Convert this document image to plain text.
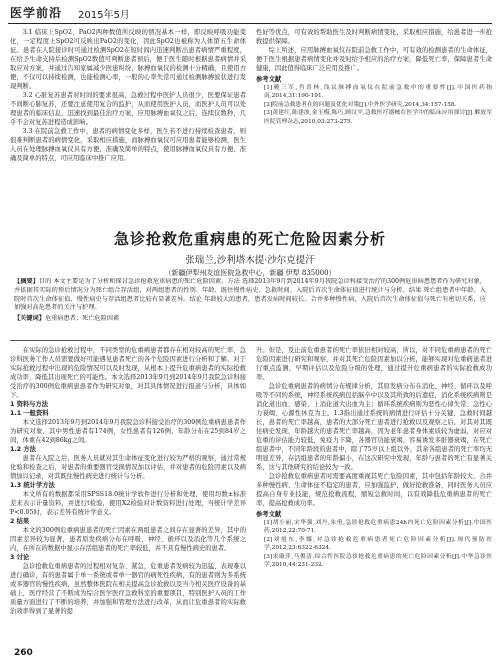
医学前沿 2015年5月

3.1 临床上SpO2、PaO2两种数值所反映的情况基本一样，即反映呼吸功能变化，一定程度上SpO2可反映出PaO2的变化，因此SpO2也被称为人体第五生命体征。患者在人院接诊时可通过检测SpO2在短时间内迅速判断出患者病情严重程度，在给予生命支持后检测SpO2数值可判断患者预后，便于医生随时根据患者病情并采取应对方案，并通过告知家属减少医患纠纷，脉搏血氧仪的检测十分精确，且使用方便，不仅可以持续检测，也能检测心率，一般的心率失常可通过检测脉搏波状进行发现判断。

3.2 心脏复苏患者对时间的要求很高，急救过程中医护人员很少，医要保证患者不间断心肺复苏，还要注意使用复合的监护，从而使用医护人员，而医护人员可以处理患者的临床信息，迅速找到最佳治疗方案，应用脉搏血氧仪之后，连续仪数秒，几乎不会对复苏进程造成影响。

3.3 在院前急救工作中，患者的病情变化多样，医生若不进行持续检查患者，则很难判断患者的病情变化，采取相应措施，而脉搏血氧仪可应用患者能够检测，医生人员在处理脉搏血氧仪具有方便、准确及简单的特点，使用脉搏血氧仪具有方便、准确及简单的特点，可应用临床中推广应用。

性好等优点，可有效的帮助医生及时判断病情变化，采取相应措施，给患者进一步抢救提供保障。

综上所述，应用脉搏血氧仪在院前急救工作中，可有效的检测患者的生命体征，便于医生根据患者病情变化并及时给予相应的治疗方案，降低死亡率，保障患者生命健康，因此值得临床广泛应用及推广。

参考文献
[1]赖三军,肖喜林,浅议脉搏血氧仪在院前急救中的重要性[J].中国医药指南,2014,31:190-191.
[2]院前急救患者在的问题及优化对策[J].中外医学研究,2014,34:157-158.
[3]黄建红,陈建波,金玉梅,陈巧,顾汉平,急救医疗器械在医学中的临床应用探讨[J].解放军医院管理杂志,2010,03:273-275.
急诊抢救危重病患的死亡危险因素分析
张瑞兰,沙利塔木提·沙尔克提汗
（新疆伊犁州友谊医院急救中心，新疆 伊犁 835000）
【摘要】目的 本文主要是为了分析和探讨急诊抢救危重病患的死亡危险因素。方法 选择2013年9月到2014年9月我院急诊科接受治疗的300例危重病患患者作为研究对象，并依据其实际的预后情况分为死亡组合存活组，对两组患者的性别、年龄、既往慢性病史、急救时间、入院后首次生命体征值进行统计与分析。结果 死亡组患者中年龄、入院时首次生命体征值、慢性病史与存活组患者比较有显著差异。结论 年龄较大的患者，患者发病时间较长、合并多种慢性病，入院后首次生命体征值与死亡有密切关系，应加强对高危患者的关注与护理。
【关键词】危重病患者；死亡危险因素

在实际的急诊抢救过程中，不同类型的危重病患者都存在相对较高的死亡率，急诊科医务工作人员需要做好可能遇见患者死亡的各个危险因素进行分析和了解，对于实际抢救过程中出现的危险情况可以及时发现，从根本上提升危重病患者的实际抢救成功率，降低其出现死亡的可能性。本文选择2013年9月到2014年9月我院急诊科接受治疗的300例危重病患患者作为研究对象，对其具体情况进行报道与分析，具体如下。

1 资料与方法
1.1 一般资料

本文选择2013年9月到2014年9月我院急诊科接受治疗的300例危重病患患者作为研究对象，其中男性患者有174例，女性患者有126例，年龄分布在25到84岁之间，体重在42到86kg之间。

1.2 方法

患者在入院之后，医务人员就对其生命体征变化进行较为严格的观察，通过常规化验和检查之后，对患者的重要器官受损情况加以评估，并对患者的危险因素以及病情加以记录，对其既往慢性病史进行统计与分析。

1.3 统计学方法

本文所有的数据都采用SPSS18.0统计学软件进行分析和处理，使用均数±标准差来表示计量资料，并进行t检验，使用X2检验对计数资料进行处理，当统计学差异P<0.05时，表示差异有统计学意义。

2 结果

本文的300例危重病患患者的死亡因素在两组患者之间存在显著的差异，其中的因素差异较为显著，患者原发疾病分布在呼吸、神经、循环以及消化等几个系统之内，在所在的数据中显示存活组患者的死亡率较低，并不具有慢性病史的患者。

3 讨论

急诊抢救危重病患者的过程相对复杂、紧急，危重患者发病较为迅猛、表现难以进行确诊，有的患者属于单一系统或者单一器官的病死性疾病，有的患者则为多系统或多器官的慢性疾病，虽然整体医院在相关提高急诊抢救以及当今相关医疗设备的基础上，医疗经营了不断成为综合医学医疗急救科室的重要项目，特别医护人员的工作质量方面进行了不断的培养，并加强和管理方法进行改革，从而让危重患者的实际救治效率得到了显著的提

升。但是，及止前危重患者的死亡率依旧相对较高，所以，对不同危重病患者的死亡危险因素进行研究和观察，并对其死亡危险因素加以分析，能够实现对危重病患者进行重点监测，早期评估以及危险分级的处理，通过提升危重病患者的实际抢救成功率。

急诊危重病患者的病情分布规律分析，其原发病分布在消化、神经、循环以及呼吸等不同的系统，神经系统疾病包括脑卒中以及其所致的后遗症，消化系统疾病则是消化道出血、感染、上消化道大出血为主；循环系统疾病则为恶性心律失常、急性心力衰竭、心源性休克为主。1.3指出通过系统的病情进行评估十分关键，急救时间越长，患者的死亡率越高，患者的大部分死亡患者进行抢救以及观察之后，对其对其既往病史发现，年龄越大的患者死亡率越高，因为老年患者身体素质较为虚弱，对应对危重的评估能力较低，免疫力下降，各器官功能衰竭，容易诱发多脏器衰竭，在死亡组患者中，不同年龄段的患者中，除了75岁以上组以外，其余各组患者的死亡率均无明显差异，存活组患者的年龄偏小，在这次研究中发现，年龄与患者的死亡有显著关系，这与其他研究的结论较为一致。

急诊抢救危重病患者时需要高度重视其死亡危险因素，其中包括年龄较大、合并多种慢性病、生命体征不稳定的患者，应加强监护，做好抢救准备，同时医务人员应提高自身专业技能，规范抢救流程，缩短急救时间，以有效降低危重病患者的死亡率，提高抢救成功率。

参考文献
[1]胡小丽,宋华强,刘丹,朱勇,急诊抢救危重病患24h内死亡危险因素分析[J].中国医药,2012,22:70-71.
[2]刘旭东,李娜,对急诊抢救危重病患者死亡危险因素分析[J].现代预防医学,2012,23:6322-6324.
[3]宋璇萍,马俊清,综合性医院急诊抢救危重病患的死亡危险因素分析[J].中华急诊医学,2010,44:231-232.
260
